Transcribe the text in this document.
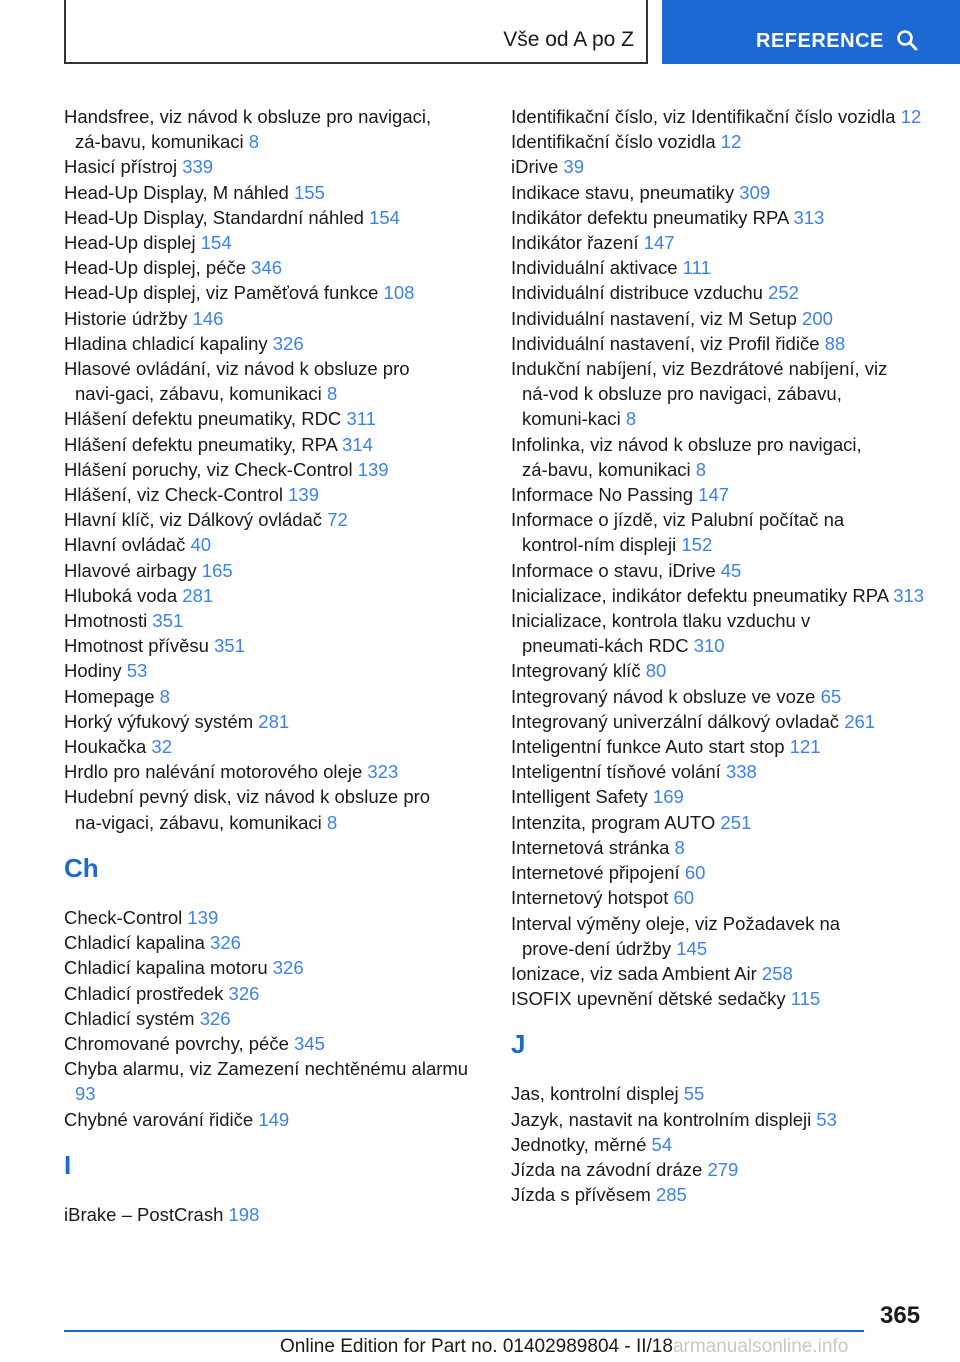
Vše od A po Z	REFERENCE
Handsfree, viz návod k obsluze pro navigaci, zá‑bavu, komunikaci 8
Hasicí přístroj 339
Head‑Up Display, M náhled 155
Head‑Up Display, Standardní náhled 154
Head‑Up displej 154
Head‑Up displej, péče 346
Head‑Up displej, viz Paměťová funkce 108
Historie údržby 146
Hladina chladicí kapaliny 326
Hlasové ovládání, viz návod k obsluze pro navi‑gaci, zábavu, komunikaci 8
Hlášení defektu pneumatiky, RDC 311
Hlášení defektu pneumatiky, RPA 314
Hlášení poruchy, viz Check‑Control 139
Hlášení, viz Check‑Control 139
Hlavní klíč, viz Dálkový ovládač 72
Hlavní ovládač 40
Hlavové airbagy 165
Hluboká voda 281
Hmotnosti 351
Hmotnost přívěsu 351
Hodiny 53
Homepage 8
Horký výfukový systém 281
Houkačka 32
Hrdlo pro nalévání motorového oleje 323
Hudební pevný disk, viz návod k obsluze pro na‑vigaci, zábavu, komunikaci 8
Ch
Check‑Control 139
Chladicí kapalina 326
Chladicí kapalina motoru 326
Chladicí prostředek 326
Chladicí systém 326
Chromované povrchy, péče 345
Chyba alarmu, viz Zamezení nechtěnému alarmu 93
Chybné varování řidiče 149
I
iBrake – PostCrash 198
Identifikační číslo, viz Identifikační číslo vozidla 12
Identifikační číslo vozidla 12
iDrive 39
Indikace stavu, pneumatiky 309
Indikátor defektu pneumatiky RPA 313
Indikátor řazení 147
Individuální aktivace 111
Individuální distribuce vzduchu 252
Individuální nastavení, viz M Setup 200
Individuální nastavení, viz Profil řidiče 88
Indukční nabíjení, viz Bezdrátové nabíjení, viz ná‑vod k obsluze pro navigaci, zábavu, komuni‑kaci 8
Infolinka, viz návod k obsluze pro navigaci, zá‑bavu, komunikaci 8
Informace No Passing 147
Informace o jízdě, viz Palubní počítač na kontrol‑ním displeji 152
Informace o stavu, iDrive 45
Inicializace, indikátor defektu pneumatiky RPA 313
Inicializace, kontrola tlaku vzduchu v pneumati‑kách RDC 310
Integrovaný klíč 80
Integrovaný návod k obsluze ve voze 65
Integrovaný univerzální dálkový ovladač 261
Inteligentní funkce Auto start stop 121
Inteligentní tísňové volání 338
Intelligent Safety 169
Intenzita, program AUTO 251
Internetová stránka 8
Internetové připojení 60
Internetový hotspot 60
Interval výměny oleje, viz Požadavek na prove‑dení údržby 145
Ionizace, viz sada Ambient Air 258
ISOFIX upevnění dětské sedačky 115
J
Jas, kontrolní displej 55
Jazyk, nastavit na kontrolním displeji 53
Jednotky, měrné 54
Jízda na závodní dráze 279
Jízda s přívěsem 285
365
Online Edition for Part no. 01402989804 - II/18armanualsonline.info
